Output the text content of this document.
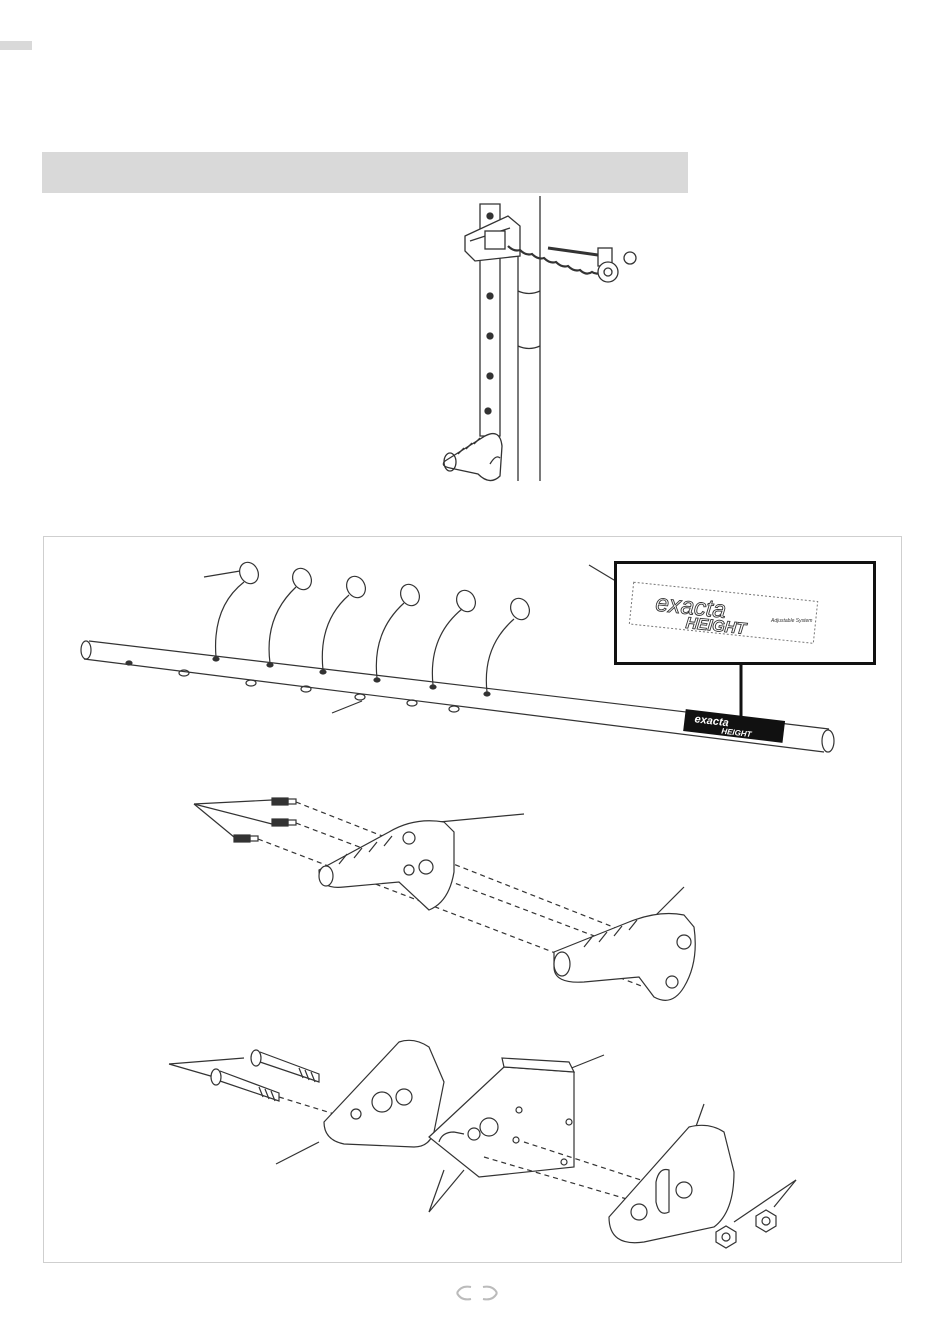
exacta
HEIGHT
exacta
HEIGHT	Adjustable System
